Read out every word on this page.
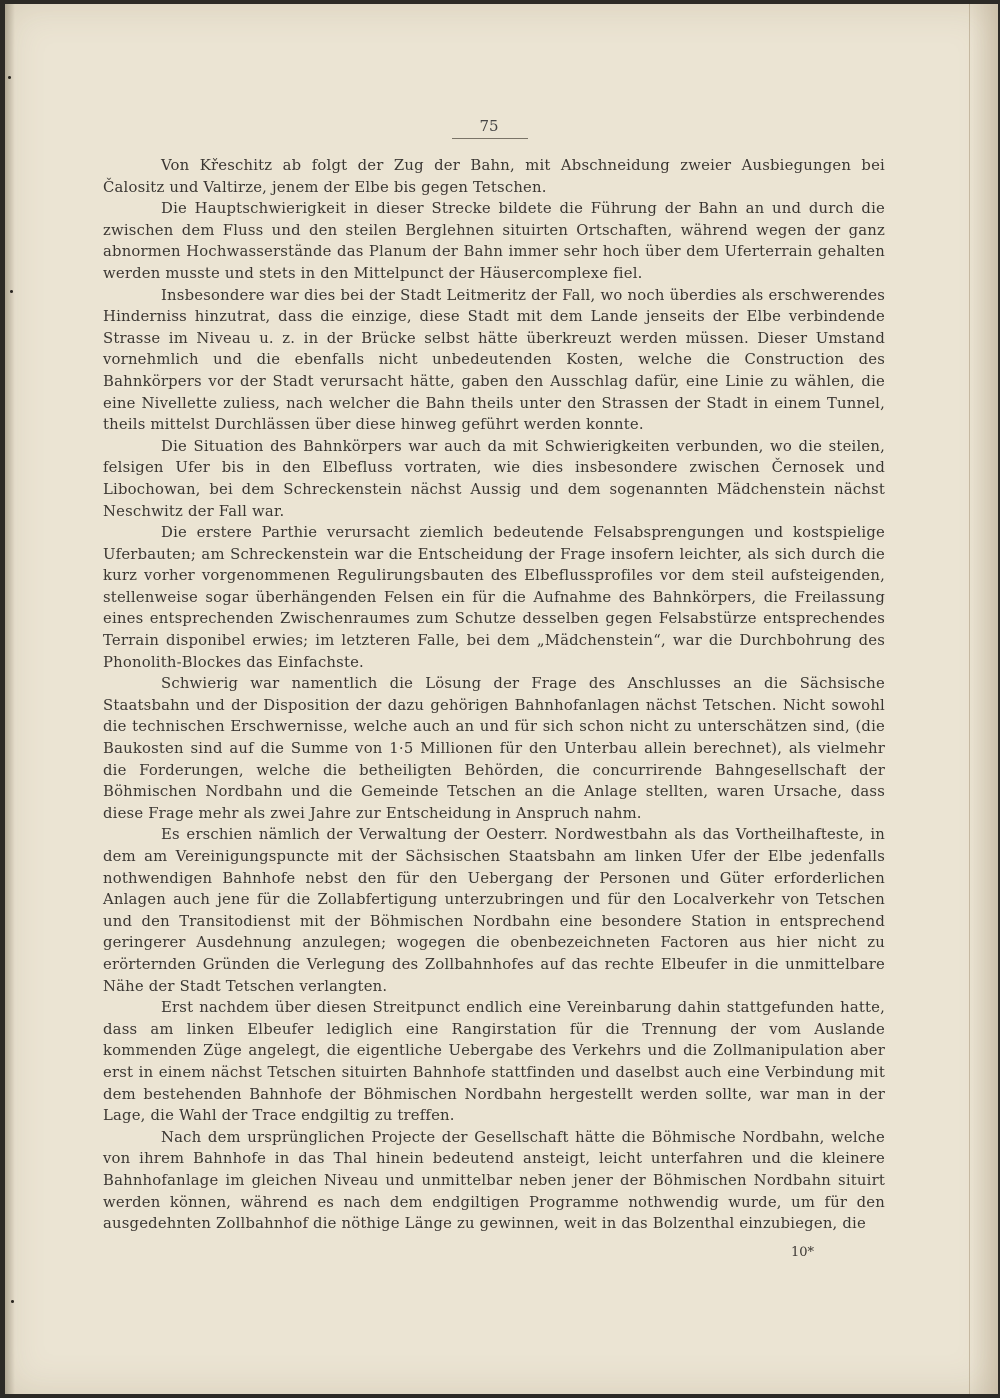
75

Von Křeschitz ab folgt der Zug der Bahn, mit Abschneidung zweier Ausbiegungen bei Čalositz und Valtirze, jenem der Elbe bis gegen Tetschen.

Die Hauptschwierigkeit in dieser Strecke bildete die Führung der Bahn an und durch die zwischen dem Fluss und den steilen Berglehnen situirten Ortschaften, während wegen der ganz abnormen Hochwasserstände das Planum der Bahn immer sehr hoch über dem Uferterrain gehalten werden musste und stets in den Mittelpunct der Häusercomplexe fiel.

Insbesondere war dies bei der Stadt Leitmeritz der Fall, wo noch überdies als erschwerendes Hinderniss hinzutrat, dass die einzige, diese Stadt mit dem Lande jenseits der Elbe verbindende Strasse im Niveau u. z. in der Brücke selbst hätte überkreuzt werden müssen. Dieser Umstand vornehmlich und die ebenfalls nicht unbedeutenden Kosten, welche die Construction des Bahnkörpers vor der Stadt verursacht hätte, gaben den Ausschlag dafür, eine Linie zu wählen, die eine Nivellette zuliess, nach welcher die Bahn theils unter den Strassen der Stadt in einem Tunnel, theils mittelst Durchlässen über diese hinweg geführt werden konnte.

Die Situation des Bahnkörpers war auch da mit Schwierigkeiten verbunden, wo die steilen, felsigen Ufer bis in den Elbefluss vortraten, wie dies insbesondere zwischen Černosek und Libochowan, bei dem Schreckenstein nächst Aussig und dem sogenannten Mädchenstein nächst Neschwitz der Fall war.

Die erstere Parthie verursacht ziemlich bedeutende Felsabsprengungen und kostspielige Uferbauten; am Schreckenstein war die Entscheidung der Frage insofern leichter, als sich durch die kurz vorher vorgenommenen Regulirungsbauten des Elbeflussprofiles vor dem steil aufsteigenden, stellenweise sogar überhängenden Felsen ein für die Aufnahme des Bahnkörpers, die Freilassung eines entsprechenden Zwischenraumes zum Schutze desselben gegen Felsabstürze entsprechendes Terrain disponibel erwies; im letzteren Falle, bei dem „Mädchenstein“, war die Durchbohrung des Phonolith-Blockes das Einfachste.

Schwierig war namentlich die Lösung der Frage des Anschlusses an die Sächsische Staatsbahn und der Disposition der dazu gehörigen Bahnhofanlagen nächst Tetschen. Nicht sowohl die technischen Erschwernisse, welche auch an und für sich schon nicht zu unterschätzen sind, (die Baukosten sind auf die Summe von 1·5 Millionen für den Unterbau allein berechnet), als vielmehr die Forderungen, welche die betheiligten Behörden, die concurrirende Bahngesellschaft der Böhmischen Nordbahn und die Gemeinde Tetschen an die Anlage stellten, waren Ursache, dass diese Frage mehr als zwei Jahre zur Entscheidung in Anspruch nahm.

Es erschien nämlich der Verwaltung der Oesterr. Nordwestbahn als das Vortheilhafteste, in dem am Vereinigungspuncte mit der Sächsischen Staatsbahn am linken Ufer der Elbe jedenfalls nothwendigen Bahnhofe nebst den für den Uebergang der Personen und Güter erforderlichen Anlagen auch jene für die Zollabfertigung unterzubringen und für den Localverkehr von Tetschen und den Transitodienst mit der Böhmischen Nordbahn eine besondere Station in entsprechend geringerer Ausdehnung anzulegen; wogegen die obenbezeichneten Factoren aus hier nicht zu erörternden Gründen die Verlegung des Zollbahnhofes auf das rechte Elbeufer in die unmittelbare Nähe der Stadt Tetschen verlangten.

Erst nachdem über diesen Streitpunct endlich eine Vereinbarung dahin stattgefunden hatte, dass am linken Elbeufer lediglich eine Rangirstation für die Trennung der vom Auslande kommenden Züge angelegt, die eigentliche Uebergabe des Verkehrs und die Zollmanipulation aber erst in einem nächst Tetschen situirten Bahnhofe stattfinden und daselbst auch eine Verbindung mit dem bestehenden Bahnhofe der Böhmischen Nordbahn hergestellt werden sollte, war man in der Lage, die Wahl der Trace endgiltig zu treffen.

Nach dem ursprünglichen Projecte der Gesellschaft hätte die Böhmische Nordbahn, welche von ihrem Bahnhofe in das Thal hinein bedeutend ansteigt, leicht unterfahren und die kleinere Bahnhofanlage im gleichen Niveau und unmittelbar neben jener der Böhmischen Nordbahn situirt werden können, während es nach dem endgiltigen Programme nothwendig wurde, um für den ausgedehnten Zollbahnhof die nöthige Länge zu gewinnen, weit in das Bolzenthal einzubiegen, die

10*
